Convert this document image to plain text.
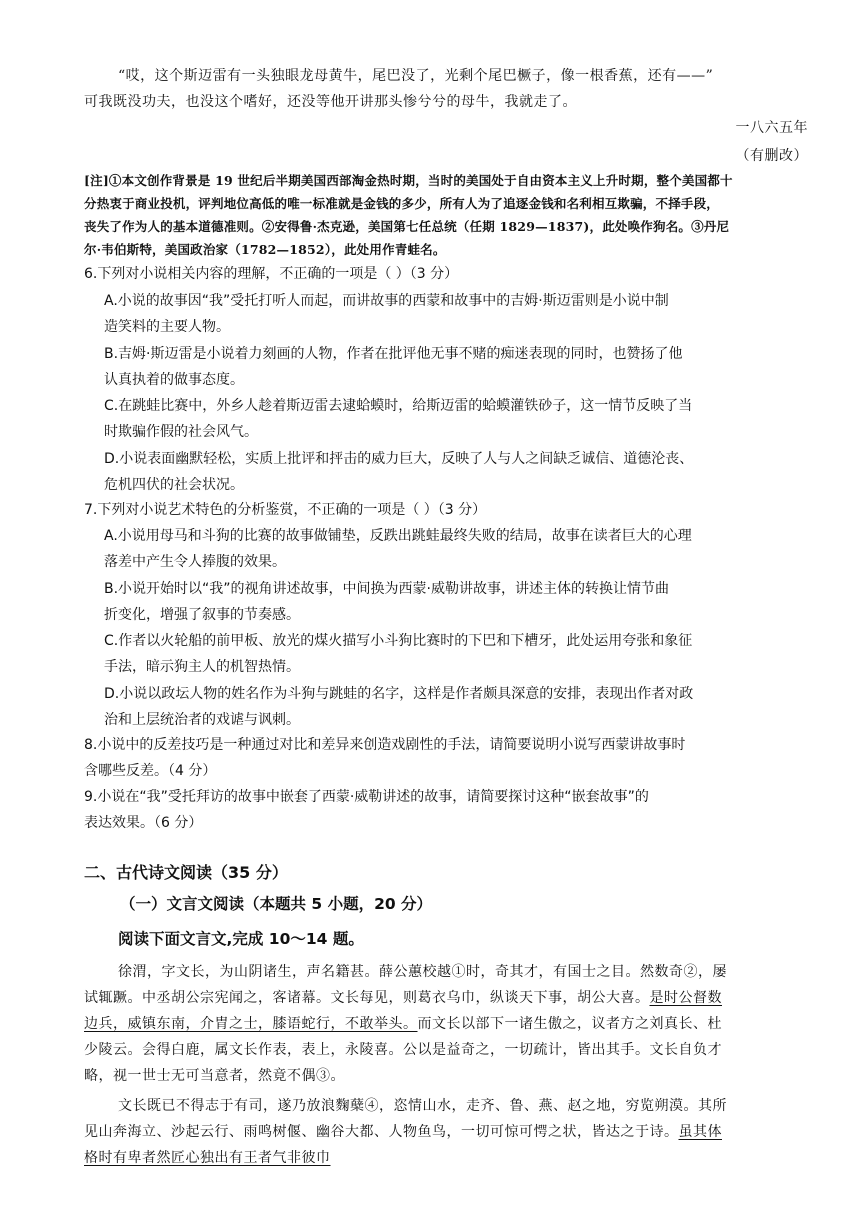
“哎，这个斯迈雷有一头独眼龙母黄牛，尾巴没了，光剩个尾巴橛子，像一根香蕉，还有——”
可我既没功夫，也没这个嗜好，还没等他开讲那头惨兮兮的母牛，我就走了。
一八六五年
（有删改）
[注]①本文创作背景是 19 世纪后半期美国西部淘金热时期，当时的美国处于自由资本主义上升时期，整个美国都十
分热衷于商业投机，评判地位高低的唯一标准就是金钱的多少，所有人为了追逐金钱和名利相互欺骗，不择手段，
丧失了作为人的基本道德准则。②安得鲁·杰克逊，美国第七任总统（任期 1829—1837)，此处唤作狗名。③丹尼
尔·韦伯斯特，美国政治家（1782—1852），此处用作青蛙名。
6.下列对小说相关内容的理解，不正确的一项是（ ）（3 分）
A.小说的故事因“我”受托打听人而起，而讲故事的西蒙和故事中的吉姆·斯迈雷则是小说中制
造笑料的主要人物。
B.吉姆·斯迈雷是小说着力刻画的人物，作者在批评他无事不赌的痴迷表现的同时，也赞扬了他
认真执着的做事态度。
C.在跳蛙比赛中，外乡人趁着斯迈雷去逮蛤蟆时，给斯迈雷的蛤蟆灌铁砂子，这一情节反映了当
时欺骗作假的社会风气。
D.小说表面幽默轻松，实质上批评和抨击的威力巨大，反映了人与人之间缺乏诚信、道德沦丧、
危机四伏的社会状况。
7.下列对小说艺术特色的分析鉴赏，不正确的一项是（ ）（3 分）
A.小说用母马和斗狗的比赛的故事做铺垫，反跌出跳蛙最终失败的结局，故事在读者巨大的心理
落差中产生令人捧腹的效果。
B.小说开始时以“我”的视角讲述故事，中间换为西蒙·威勒讲故事，讲述主体的转换让情节曲
折变化，增强了叙事的节奏感。
C.作者以火轮船的前甲板、放光的煤火描写小斗狗比赛时的下巴和下槽牙，此处运用夸张和象征
手法，暗示狗主人的机智热情。
D.小说以政坛人物的姓名作为斗狗与跳蛙的名字，这样是作者颇具深意的安排，表现出作者对政
治和上层统治者的戏谑与讽刺。
8.小说中的反差技巧是一种通过对比和差异来创造戏剧性的手法，请简要说明小说写西蒙讲故事时
含哪些反差。（4 分）
9.小说在“我”受托拜访的故事中嵌套了西蒙·威勒讲述的故事，请简要探讨这种“嵌套故事”的
表达效果。（6 分）
二、古代诗文阅读（35 分）
（一）文言文阅读（本题共 5 小题，20 分）
阅读下面文言文,完成 10～14 题。
徐渭，字文长，为山阴诸生，声名籍甚。薛公蕙校越①时，奇其才，有国士之目。然数奇②，屡
试辄蹶。中丞胡公宗宪闻之，客诸幕。文长每见，则葛衣乌巾，纵谈天下事，胡公大喜。是时公督数
边兵，威镇东南，介胄之士，膝语蛇行，不敢举头。而文长以部下一诸生傲之，议者方之刘真长、杜
少陵云。会得白鹿，属文长作表，表上，永陵喜。公以是益奇之，一切疏计，皆出其手。文长自负才
略，视一世士无可当意者，然竟不偶③。
文长既已不得志于有司，遂乃放浪麴蘖④，恣情山水，走齐、鲁、燕、赵之地，穷览朔漠。其所
见山奔海立、沙起云行、雨鸣树偃、幽谷大都、人物鱼鸟，一切可惊可愕之状，皆达之于诗。虽其体
格时有卑者然匠心独出有王者气非彼巾
